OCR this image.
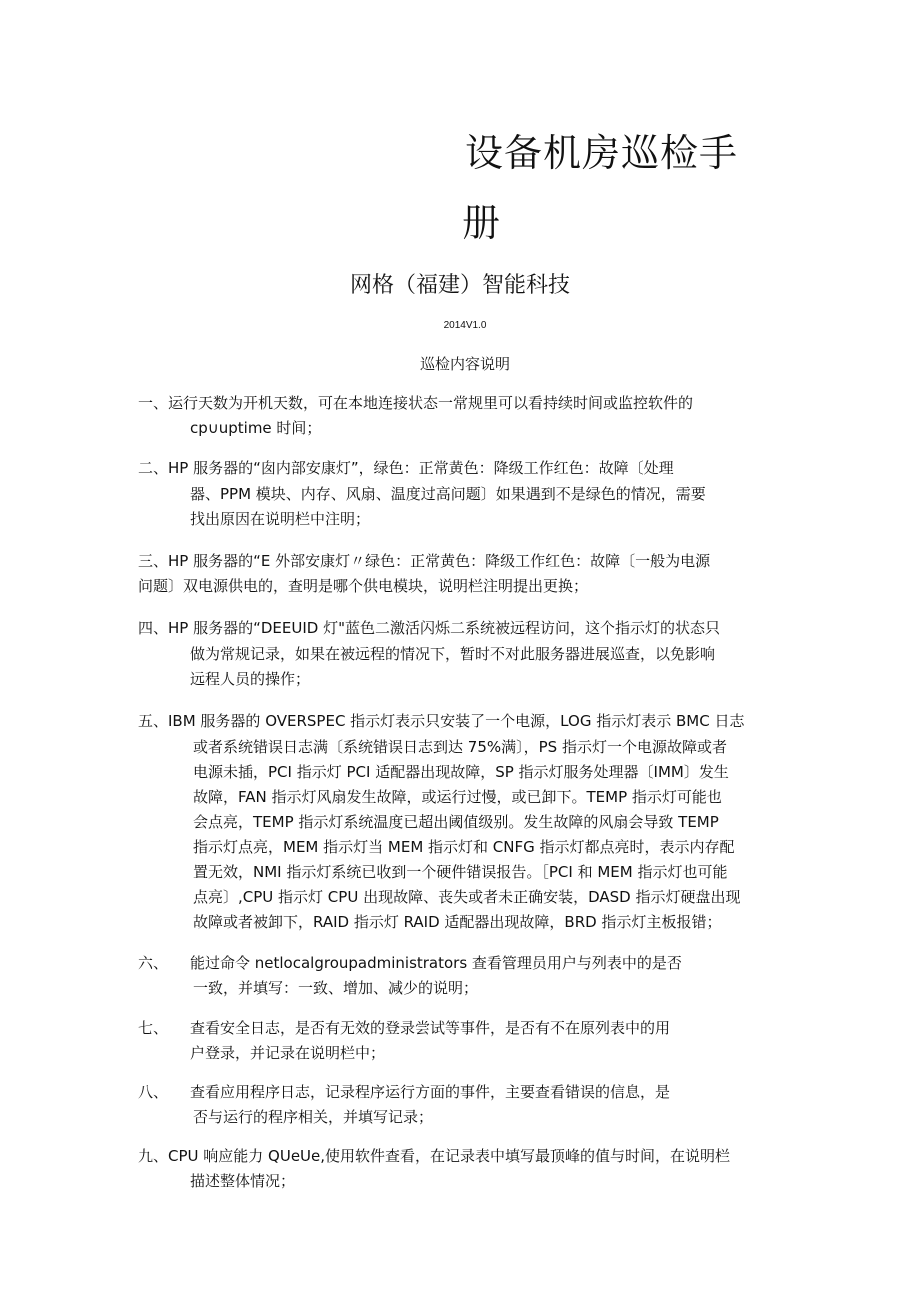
设备机房巡检手
册
网格（福建）智能科技
2014V1.0
巡检内容说明
一、运行天数为开机天数，可在本地连接状态一常规里可以看持续时间或监控软件的
cp∪uptime 时间；
二、HP 服务器的“囱内部安康灯”，绿色：正常黄色：降级工作红色：故障〔处理
器、PPM 模块、内存、风扇、温度过高问题〕如果遇到不是绿色的情况，需要
找出原因在说明栏中注明；
三、HP 服务器的“E 外部安康灯〃绿色：正常黄色：降级工作红色：故障〔一般为电源
问题〕双电源供电的，查明是哪个供电模块，说明栏注明提出更换；
四、HP 服务器的“DEEUID 灯"蓝色二激活闪烁二系统被远程访问，这个指示灯的状态只
做为常规记录，如果在被远程的情况下，暂时不对此服务器进展巡查，以免影响
远程人员的操作；
五、IBM 服务器的 OVERSPEC 指示灯表示只安装了一个电源，LOG 指示灯表示 BMC 日志
或者系统错误日志满〔系统错误日志到达 75%满〕，PS 指示灯一个电源故障或者
电源未插，PCI 指示灯 PCI 适配器出现故障，SP 指示灯服务处理器〔IMM〕发生
故障，FAN 指示灯风扇发生故障，或运行过慢，或已卸下。TEMP 指示灯可能也
会点亮，TEMP 指示灯系统温度已超出阈值级别。发生故障的风扇会导致 TEMP
指示灯点亮，MEM 指示灯当 MEM 指示灯和 CNFG 指示灯都点亮时，表示内存配
置无效，NMI 指示灯系统已收到一个硬件错误报告。［PCI 和 MEM 指示灯也可能
点亮〕,CPU 指示灯 CPU 出现故障、丧失或者未正确安装，DASD 指示灯硬盘出现
故障或者被卸下，RAID 指示灯 RAID 适配器出现故障，BRD 指示灯主板报错；
六、 能过命令 netlocalgroupadministrators 查看管理员用户与列表中的是否
一致，并填写：一致、增加、减少的说明；
七、 查看安全日志，是否有无效的登录尝试等事件，是否有不在原列表中的用
户登录，并记录在说明栏中；
八、 查看应用程序日志，记录程序运行方面的事件，主要查看错误的信息，是
否与运行的程序相关，并填写记录；
九、CPU 响应能力 QUeUe,使用软件查看，在记录表中填写最顶峰的值与时间，在说明栏
描述整体情况；
